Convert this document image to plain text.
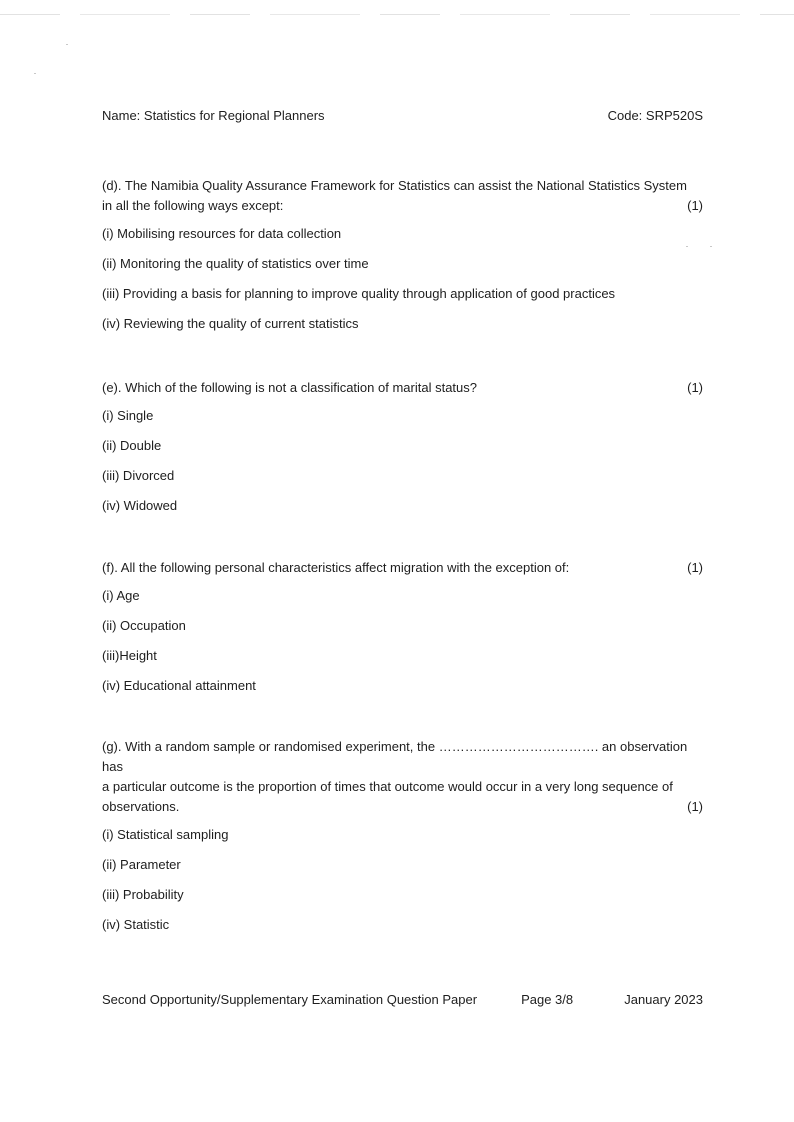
Name: Statistics for Regional Planners	Code: SRP520S
(d). The Namibia Quality Assurance Framework for Statistics can assist the National Statistics System
in all the following ways except:	(1)
(i) Mobilising resources for data collection
(ii) Monitoring the quality of statistics over time
(iii) Providing a basis for planning to improve quality through application of good practices
(iv) Reviewing the quality of current statistics
(e). Which of the following is not a classification of marital status?	(1)
(i) Single
(ii) Double
(iii) Divorced
(iv) Widowed
(f). All the following personal characteristics affect migration with the exception of:	(1)
(i) Age
(ii) Occupation
(iii)Height
(iv) Educational attainment
(g). With a random sample or randomised experiment, the ………………………………. an observation has
a particular outcome is the proportion of times that outcome would occur in a very long sequence of
observations.	(1)
(i) Statistical sampling
(ii) Parameter
(iii) Probability
(iv) Statistic
Second Opportunity/Supplementary Examination Question Paper	Page 3/8	January 2023
